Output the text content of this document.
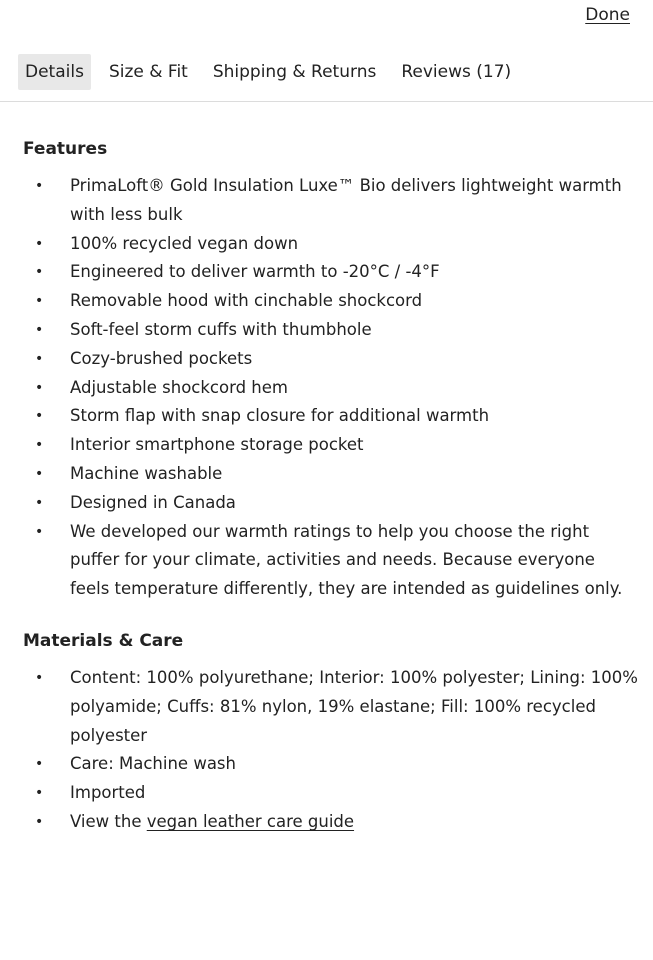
Done
Details	Size & Fit	Shipping & Returns	Reviews (17)
Features
• PrimaLoft® Gold Insulation Luxe™ Bio delivers lightweight warmth with less bulk
• 100% recycled vegan down
• Engineered to deliver warmth to -20°C / -4°F
• Removable hood with cinchable shockcord
• Soft-feel storm cuffs with thumbhole
• Cozy-brushed pockets
• Adjustable shockcord hem
• Storm flap with snap closure for additional warmth
• Interior smartphone storage pocket
• Machine washable
• Designed in Canada
• We developed our warmth ratings to help you choose the right puffer for your climate, activities and needs. Because everyone feels temperature differently, they are intended as guidelines only.
Materials & Care
• Content: 100% polyurethane; Interior: 100% polyester; Lining: 100% polyamide; Cuffs: 81% nylon, 19% elastane; Fill: 100% recycled polyester
• Care: Machine wash
• Imported
• View the vegan leather care guide
